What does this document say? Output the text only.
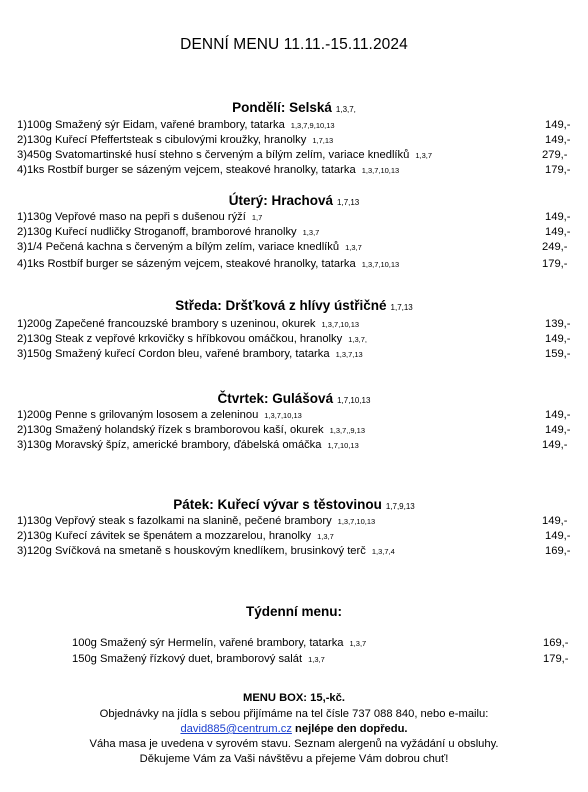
DENNÍ MENU 11.11.-15.11.2024
Pondělí: Selská 1,3,7,
1)100g Smažený sýr Eidam, vařené brambory, tatarka 1,3,7,9,10,13	149,-
2)130g Kuřecí Pfeffertsteak s cibulovými kroužky, hranolky 1,7,13	149,-
3)450g Svatomartinské husí stehno s červeným a bílým zelím, variace knedlíků 1,3,7	279,-
4)1ks Rostbíf burger se sázeným vejcem, steakové hranolky, tatarka 1,3,7,10,13	179,-
Úterý: Hrachová 1,7,13
1)130g Vepřové maso na pepři s dušenou rýží 1,7	149,-
2)130g Kuřecí nudličky Stroganoff, bramborové hranolky 1,3,7	149,-
3)1/4 Pečená kachna s červeným a bílým zelím, variace knedlíků 1,3,7	249,-
4)1ks Rostbíf burger se sázeným vejcem, steakové hranolky, tatarka 1,3,7,10,13	179,-
Středa: Dršťková z hlívy ústřičné 1,7,13
1)200g Zapečené francouzské brambory s uzeninou, okurek 1,3,7,10,13	139,-
2)130g Steak z vepřové krkovičky s hříbkovou omáčkou, hranolky 1,3,7,	149,-
3)150g Smažený kuřecí Cordon bleu, vařené brambory, tatarka 1,3,7,13	159,-
Čtvrtek: Gulášová 1,7,10,13
1)200g Penne s grilovaným lososem a zeleninou 1,3,7,10,13	149,-
2)130g Smažený holandský řízek s bramborovou kaší, okurek 1,3,7,,9,13	149,-
3)130g Moravský špíz, americké brambory, ďábelská omáčka 1,7,10,13	149,-
Pátek: Kuřecí vývar s těstovinou 1,7,9,13
1)130g Vepřový steak s fazolkami na slanině, pečené brambory 1,3,7,10,13	149,-
2)130g Kuřecí závitek se špenátem a mozzarelou, hranolky 1,3,7	149,-
3)120g Svíčková na smetaně s houskovým knedlíkem, brusinkový terč 1,3,7,4	169,-
Týdenní menu:
100g Smažený sýr Hermelín, vařené brambory, tatarka 1,3,7	169,-
150g Smažený řízkový duet, bramborový salát 1,3,7	179,-
MENU BOX: 15,-kč.
Objednávky na jídla s sebou přijímáme na tel čísle 737 088 840, nebo e-mailu:
david885@centrum.cz nejlépe den dopředu.
Váha masa je uvedena v syrovém stavu. Seznam alergenů na vyžádání u obsluhy.
Děkujeme Vám za Vaši návštěvu a přejeme Vám dobrou chuť!
